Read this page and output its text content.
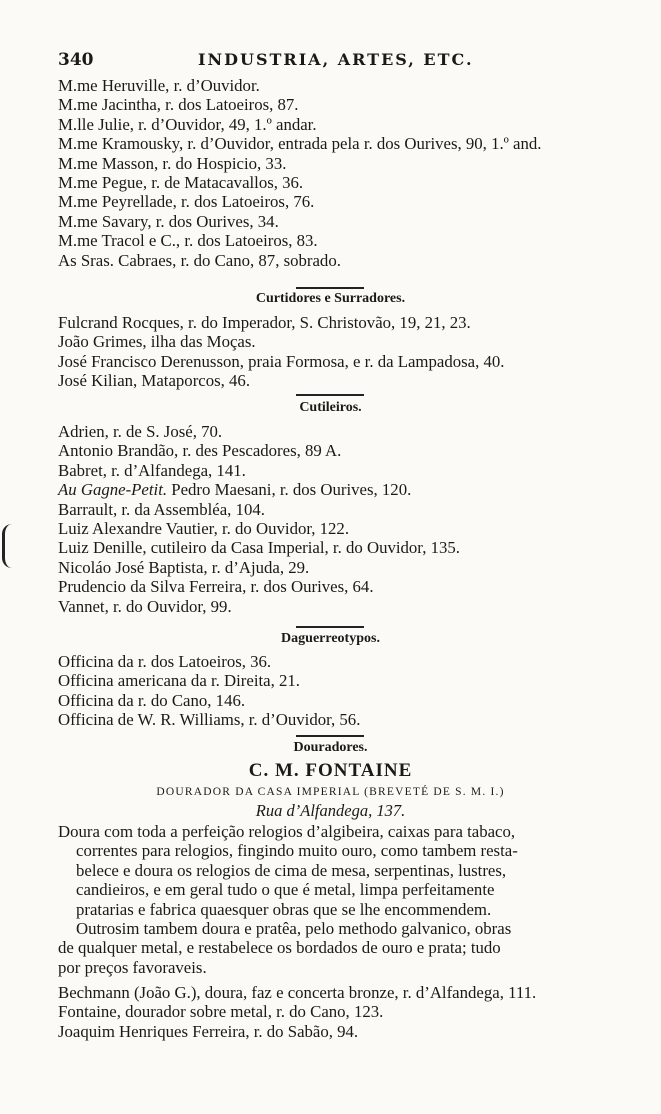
340	INDUSTRIA, ARTES, ETC.
M.me Heruville, r. d’Ouvidor.
M.me Jacintha, r. dos Latoeiros, 87.
M.lle Julie, r. d’Ouvidor, 49, 1.º andar.
M.me Kramousky, r. d’Ouvidor, entrada pela r. dos Ourives, 90, 1.º and.
M.me Masson, r. do Hospicio, 33.
M.me Pegue, r. de Matacavallos, 36.
M.me Peyrellade, r. dos Latoeiros, 76.
M.me Savary, r. dos Ourives, 34.
M.me Tracol e C., r. dos Latoeiros, 83.
As Sras. Cabraes, r. do Cano, 87, sobrado.
Curtidores e Surradores.
Fulcrand Rocques, r. do Imperador, S. Christovão, 19, 21, 23.
João Grimes, ilha das Moças.
José Francisco Derenusson, praia Formosa, e r. da Lampadosa, 40.
José Kilian, Mataporcos, 46.
Cutileiros.
Adrien, r. de S. José, 70.
Antonio Brandão, r. des Pescadores, 89 A.
Babret, r. d’Alfandega, 141.
Au Gagne-Petit. Pedro Maesani, r. dos Ourives, 120.
Barrault, r. da Assembléa, 104.
Luiz Alexandre Vautier, r. do Ouvidor, 122.
Luiz Denille, cutileiro da Casa Imperial, r. do Ouvidor, 135.
Nicoláo José Baptista, r. d’Ajuda, 29.
Prudencio da Silva Ferreira, r. dos Ourives, 64.
Vannet, r. do Ouvidor, 99.
Daguerreotypos.
Officina da r. dos Latoeiros, 36.
Officina americana da r. Direita, 21.
Officina da r. do Cano, 146.
Officina de W. R. Williams, r. d’Ouvidor, 56.
Douradores.
C. M. FONTAINE
DOURADOR DA CASA IMPERIAL (BREVETÉ DE S. M. I.)
Rua d’Alfandega, 137.
Doura com toda a perfeição relogios d’algibeira, caixas para tabaco,
correntes para relogios, fingindo muito ouro, como tambem resta-
belece e doura os relogios de cima de mesa, serpentinas, lustres,
candieiros, e em geral tudo o que é metal, limpa perfeitamente
pratarias e fabrica quaesquer obras que se lhe encommendem.
Outrosim tambem doura e pratêa, pelo methodo galvanico, obras
de qualquer metal, e restabelece os bordados de ouro e prata; tudo
por preços favoraveis.
Bechmann (João G.), doura, faz e concerta bronze, r. d’Alfandega, 111.
Fontaine, dourador sobre metal, r. do Cano, 123.
Joaquim Henriques Ferreira, r. do Sabão, 94.
